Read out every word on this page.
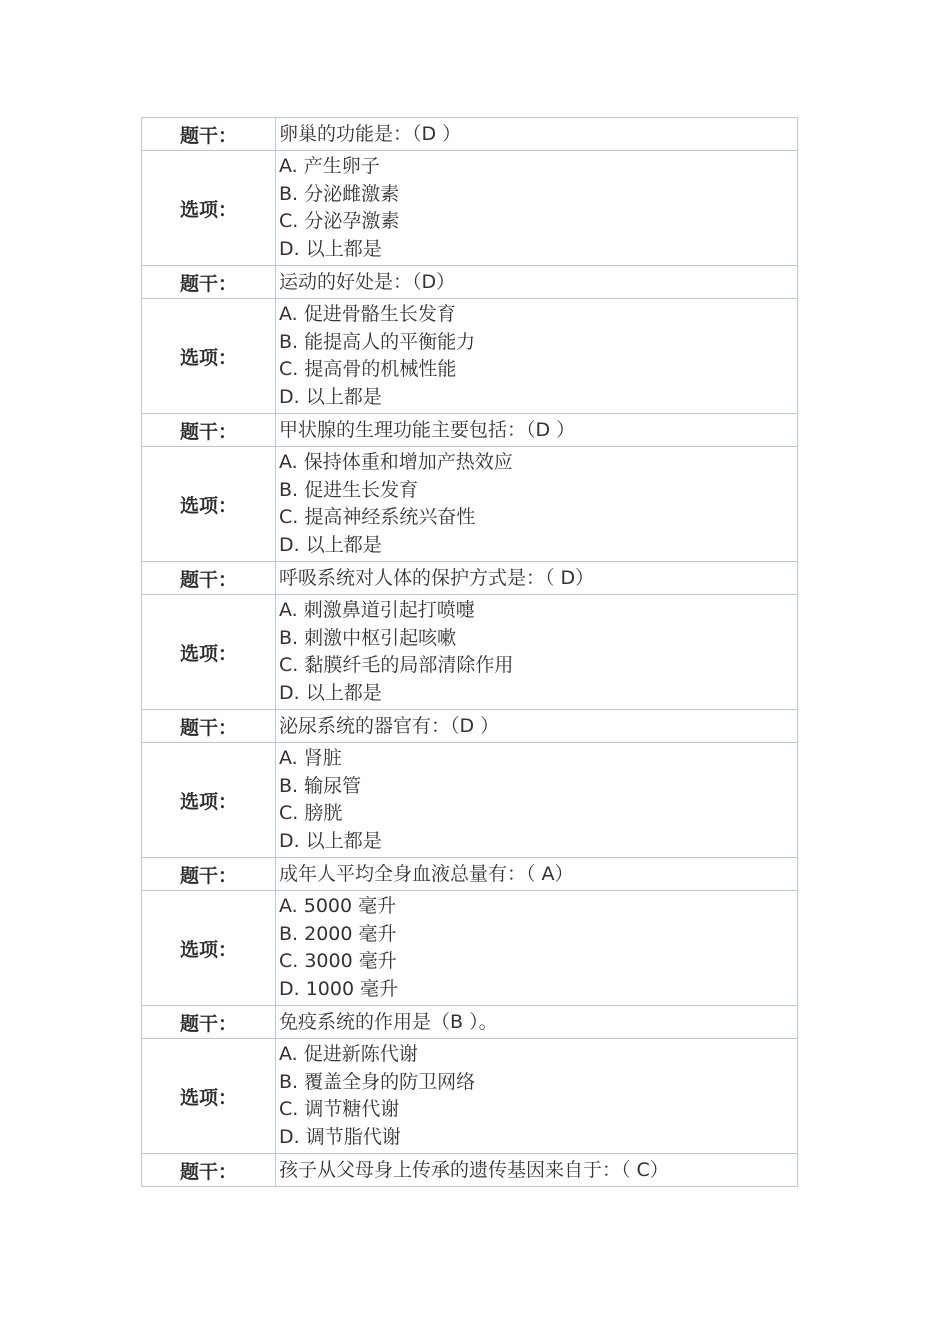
题干：	卵巢的功能是：（D ）
选项：	A. 产生卵子
B. 分泌雌激素
C. 分泌孕激素
D. 以上都是

题干：	运动的好处是：（D）
选项：	A. 促进骨骼生长发育
B. 能提高人的平衡能力
C. 提高骨的机械性能
D. 以上都是

题干：	甲状腺的生理功能主要包括：（D ）
选项：	A. 保持体重和增加产热效应
B. 促进生长发育
C. 提高神经系统兴奋性
D. 以上都是

题干：	呼吸系统对人体的保护方式是：（ D）
选项：	A. 刺激鼻道引起打喷嚏
B. 刺激中枢引起咳嗽
C. 黏膜纤毛的局部清除作用
D. 以上都是

题干：	泌尿系统的器官有：（D ）
选项：	A. 肾脏
B. 输尿管
C. 膀胱
D. 以上都是

题干：	成年人平均全身血液总量有：（ A）
选项：	A. 5000 毫升
B. 2000 毫升
C. 3000 毫升
D. 1000 毫升

题干：	免疫系统的作用是（B ）。
选项：	A. 促进新陈代谢
B. 覆盖全身的防卫网络
C. 调节糖代谢
D. 调节脂代谢

题干：	孩子从父母身上传承的遗传基因来自于：（ C）
